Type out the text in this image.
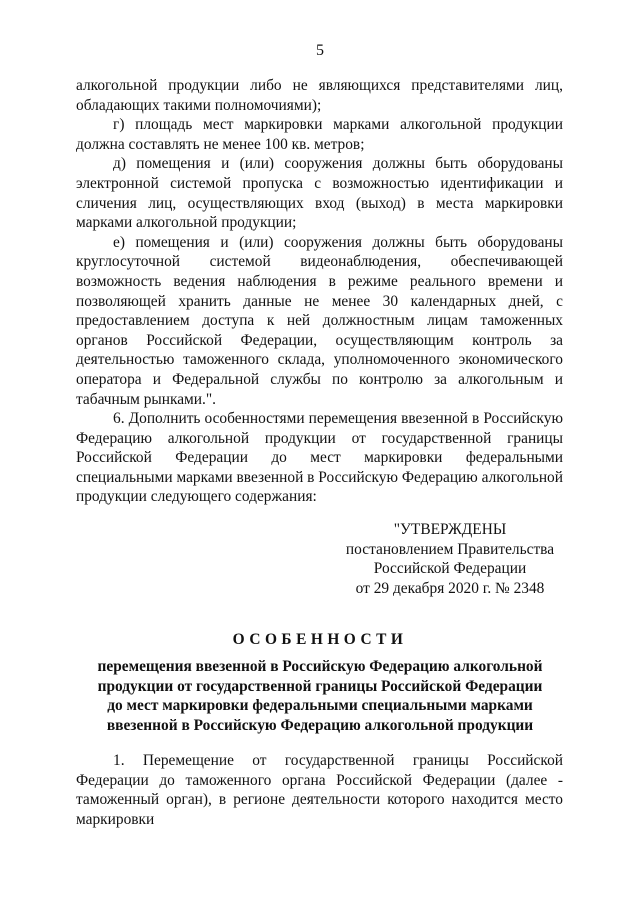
5

алкогольной продукции либо не являющихся представителями лиц, обладающих такими полномочиями);

г) площадь мест маркировки марками алкогольной продукции должна составлять не менее 100 кв. метров;

д) помещения и (или) сооружения должны быть оборудованы электронной системой пропуска с возможностью идентификации и сличения лиц, осуществляющих вход (выход) в места маркировки марками алкогольной продукции;

е) помещения и (или) сооружения должны быть оборудованы круглосуточной системой видеонаблюдения, обеспечивающей возможность ведения наблюдения в режиме реального времени и позволяющей хранить данные не менее 30 календарных дней, с предоставлением доступа к ней должностным лицам таможенных органов Российской Федерации, осуществляющим контроль за деятельностью таможенного склада, уполномоченного экономического оператора и Федеральной службы по контролю за алкогольным и табачным рынками.".

6. Дополнить особенностями перемещения ввезенной в Российскую Федерацию алкогольной продукции от государственной границы Российской Федерации до мест маркировки федеральными специальными марками ввезенной в Российскую Федерацию алкогольной продукции следующего содержания:

"УТВЕРЖДЕНЫ
постановлением Правительства
Российской Федерации
от 29 декабря 2020 г. № 2348
ОСОБЕННОСТИ
перемещения ввезенной в Российскую Федерацию алкогольной
продукции от государственной границы Российской Федерации
до мест маркировки федеральными специальными марками
ввезенной в Российскую Федерацию алкогольной продукции

1. Перемещение от государственной границы Российской Федерации до таможенного органа Российской Федерации (далее - таможенный орган), в регионе деятельности которого находится место маркировки
